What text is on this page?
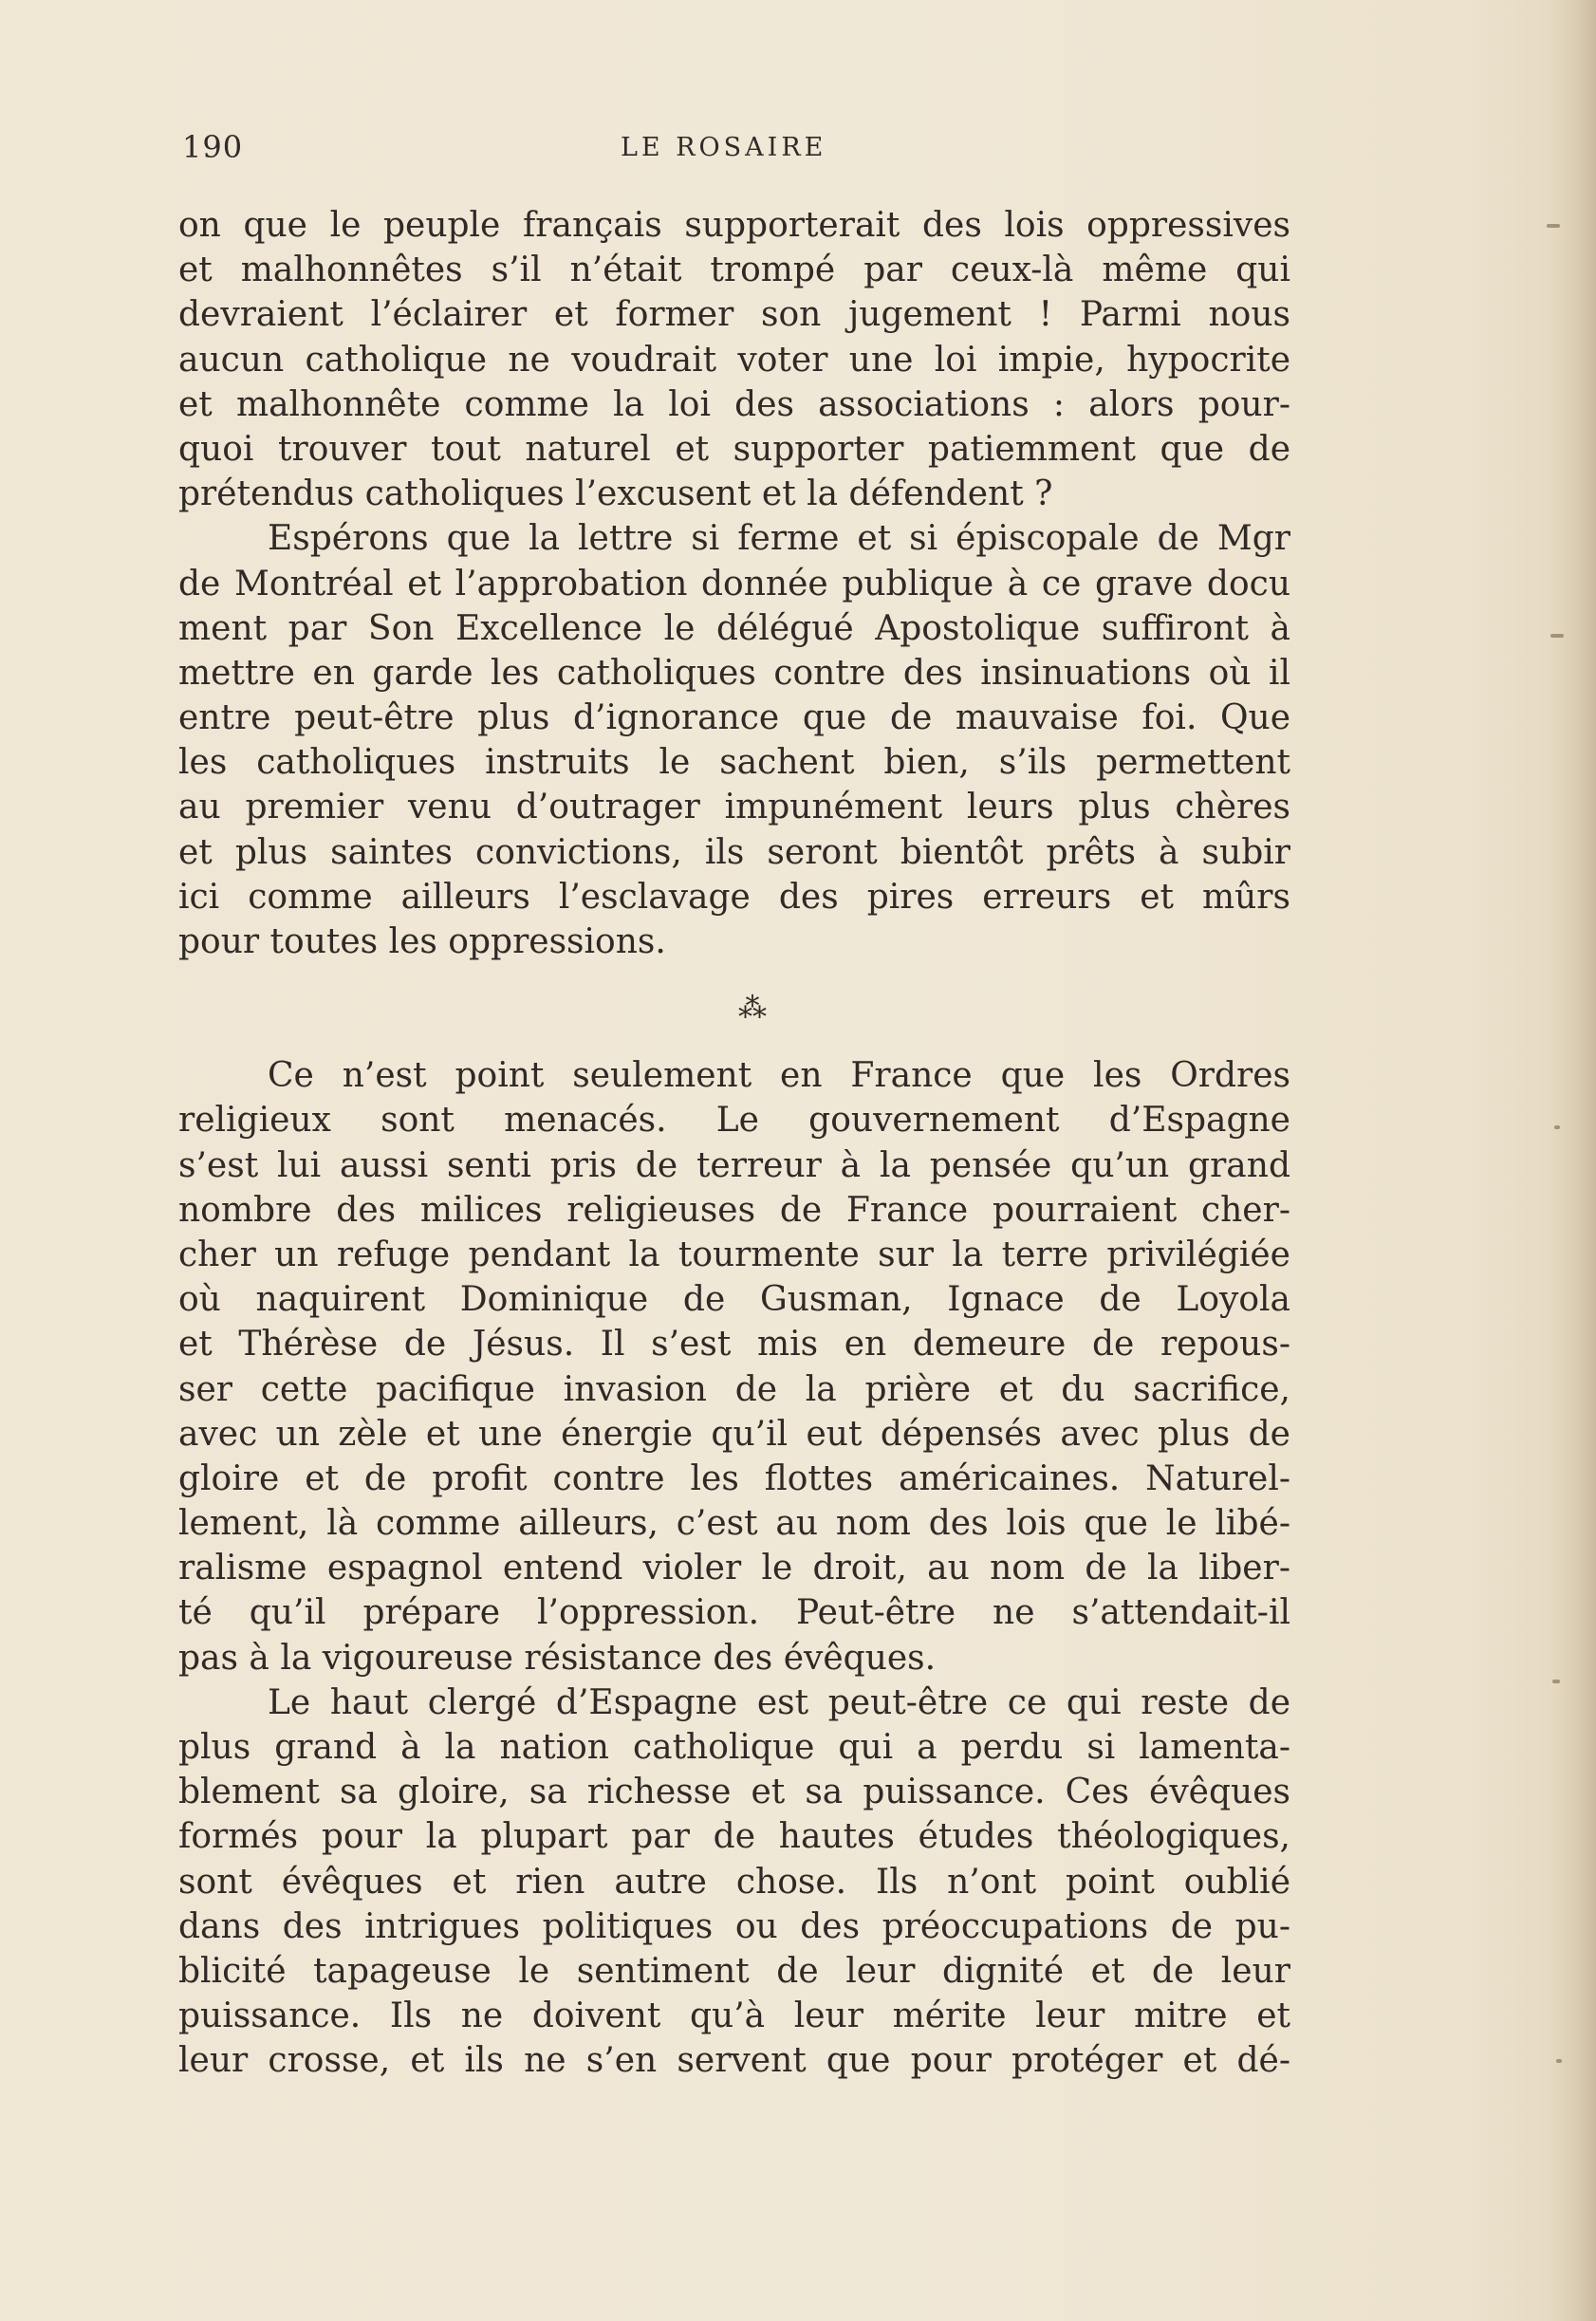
190	LE ROSAIRE
on que le peuple français supporterait des lois oppressives
et malhonnêtes s’il n’était trompé par ceux-là même qui
devraient l’éclairer et former son jugement ! Parmi nous
aucun catholique ne voudrait voter une loi impie, hypocrite
et malhonnête comme la loi des associations : alors pour-
quoi trouver tout naturel et supporter patiemment que de
prétendus catholiques l’excusent et la défendent ?
Espérons que la lettre si ferme et si épiscopale de Mgr
de Montréal et l’approbation donnée publique à ce grave docu
ment par Son Excellence le délégué Apostolique suffiront à
mettre en garde les catholiques contre des insinuations où il
entre peut-être plus d’ignorance que de mauvaise foi. Que
les catholiques instruits le sachent bien, s’ils permettent
au premier venu d’outrager impunément leurs plus chères
et plus saintes convictions, ils seront bientôt prêts à subir
ici comme ailleurs l’esclavage des pires erreurs et mûrs
pour toutes les oppressions.
⁂
Ce n’est point seulement en France que les Ordres
religieux sont menacés. Le gouvernement d’Espagne
s’est lui aussi senti pris de terreur à la pensée qu’un grand
nombre des milices religieuses de France pourraient cher-
cher un refuge pendant la tourmente sur la terre privilégiée
où naquirent Dominique de Gusman, Ignace de Loyola
et Thérèse de Jésus. Il s’est mis en demeure de repous-
ser cette pacifique invasion de la prière et du sacrifice,
avec un zèle et une énergie qu’il eut dépensés avec plus de
gloire et de profit contre les flottes américaines. Naturel-
lement, là comme ailleurs, c’est au nom des lois que le libé-
ralisme espagnol entend violer le droit, au nom de la liber-
té qu’il prépare l’oppression. Peut-être ne s’attendait-il
pas à la vigoureuse résistance des évêques.
Le haut clergé d’Espagne est peut-être ce qui reste de
plus grand à la nation catholique qui a perdu si lamenta-
blement sa gloire, sa richesse et sa puissance. Ces évêques
formés pour la plupart par de hautes études théologiques,
sont évêques et rien autre chose. Ils n’ont point oublié
dans des intrigues politiques ou des préoccupations de pu-
blicité tapageuse le sentiment de leur dignité et de leur
puissance. Ils ne doivent qu’à leur mérite leur mitre et
leur crosse, et ils ne s’en servent que pour protéger et dé-
